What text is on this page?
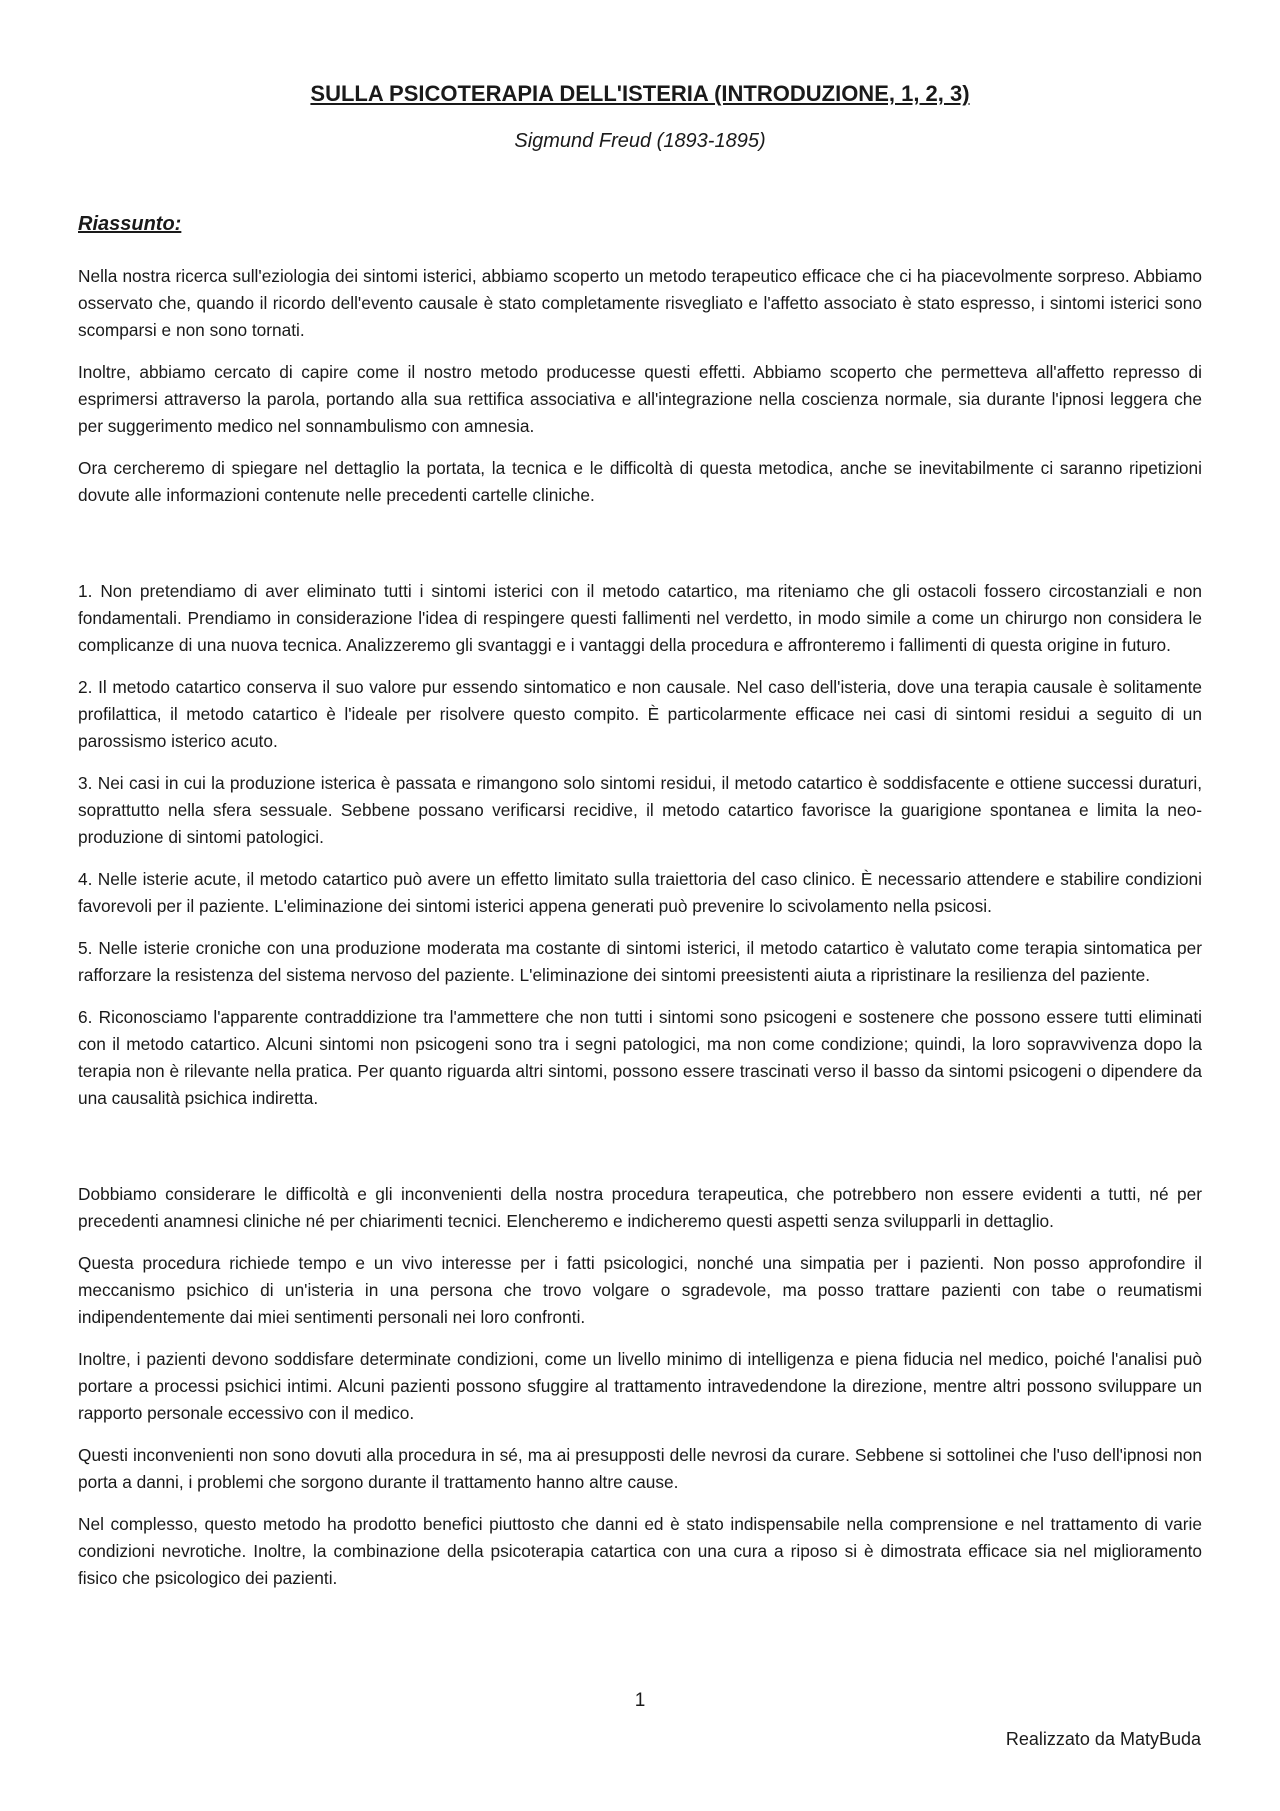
SULLA PSICOTERAPIA DELL'ISTERIA (INTRODUZIONE, 1, 2, 3)

Sigmund Freud (1893-1895)

Riassunto:

Nella nostra ricerca sull'eziologia dei sintomi isterici, abbiamo scoperto un metodo terapeutico efficace che ci ha piacevolmente sorpreso. Abbiamo osservato che, quando il ricordo dell'evento causale è stato completamente risvegliato e l'affetto associato è stato espresso, i sintomi isterici sono scomparsi e non sono tornati.

Inoltre, abbiamo cercato di capire come il nostro metodo producesse questi effetti. Abbiamo scoperto che permetteva all'affetto represso di esprimersi attraverso la parola, portando alla sua rettifica associativa e all'integrazione nella coscienza normale, sia durante l'ipnosi leggera che per suggerimento medico nel sonnambulismo con amnesia.

Ora cercheremo di spiegare nel dettaglio la portata, la tecnica e le difficoltà di questa metodica, anche se inevitabilmente ci saranno ripetizioni dovute alle informazioni contenute nelle precedenti cartelle cliniche.

1. Non pretendiamo di aver eliminato tutti i sintomi isterici con il metodo catartico, ma riteniamo che gli ostacoli fossero circostanziali e non fondamentali. Prendiamo in considerazione l'idea di respingere questi fallimenti nel verdetto, in modo simile a come un chirurgo non considera le complicanze di una nuova tecnica. Analizzeremo gli svantaggi e i vantaggi della procedura e affronteremo i fallimenti di questa origine in futuro.

2. Il metodo catartico conserva il suo valore pur essendo sintomatico e non causale. Nel caso dell'isteria, dove una terapia causale è solitamente profilattica, il metodo catartico è l'ideale per risolvere questo compito. È particolarmente efficace nei casi di sintomi residui a seguito di un parossismo isterico acuto.

3. Nei casi in cui la produzione isterica è passata e rimangono solo sintomi residui, il metodo catartico è soddisfacente e ottiene successi duraturi, soprattutto nella sfera sessuale. Sebbene possano verificarsi recidive, il metodo catartico favorisce la guarigione spontanea e limita la neo-produzione di sintomi patologici.

4. Nelle isterie acute, il metodo catartico può avere un effetto limitato sulla traiettoria del caso clinico. È necessario attendere e stabilire condizioni favorevoli per il paziente. L'eliminazione dei sintomi isterici appena generati può prevenire lo scivolamento nella psicosi.

5. Nelle isterie croniche con una produzione moderata ma costante di sintomi isterici, il metodo catartico è valutato come terapia sintomatica per rafforzare la resistenza del sistema nervoso del paziente. L'eliminazione dei sintomi preesistenti aiuta a ripristinare la resilienza del paziente.

6. Riconosciamo l'apparente contraddizione tra l'ammettere che non tutti i sintomi sono psicogeni e sostenere che possono essere tutti eliminati con il metodo catartico. Alcuni sintomi non psicogeni sono tra i segni patologici, ma non come condizione; quindi, la loro sopravvivenza dopo la terapia non è rilevante nella pratica. Per quanto riguarda altri sintomi, possono essere trascinati verso il basso da sintomi psicogeni o dipendere da una causalità psichica indiretta.

Dobbiamo considerare le difficoltà e gli inconvenienti della nostra procedura terapeutica, che potrebbero non essere evidenti a tutti, né per precedenti anamnesi cliniche né per chiarimenti tecnici. Elencheremo e indicheremo questi aspetti senza svilupparli in dettaglio.

Questa procedura richiede tempo e un vivo interesse per i fatti psicologici, nonché una simpatia per i pazienti. Non posso approfondire il meccanismo psichico di un'isteria in una persona che trovo volgare o sgradevole, ma posso trattare pazienti con tabe o reumatismi indipendentemente dai miei sentimenti personali nei loro confronti.

Inoltre, i pazienti devono soddisfare determinate condizioni, come un livello minimo di intelligenza e piena fiducia nel medico, poiché l'analisi può portare a processi psichici intimi. Alcuni pazienti possono sfuggire al trattamento intravedendone la direzione, mentre altri possono sviluppare un rapporto personale eccessivo con il medico.

Questi inconvenienti non sono dovuti alla procedura in sé, ma ai presupposti delle nevrosi da curare. Sebbene si sottolinei che l'uso dell'ipnosi non porta a danni, i problemi che sorgono durante il trattamento hanno altre cause.

Nel complesso, questo metodo ha prodotto benefici piuttosto che danni ed è stato indispensabile nella comprensione e nel trattamento di varie condizioni nevrotiche. Inoltre, la combinazione della psicoterapia catartica con una cura a riposo si è dimostrata efficace sia nel miglioramento fisico che psicologico dei pazienti.

1
Realizzato da MatyBuda
